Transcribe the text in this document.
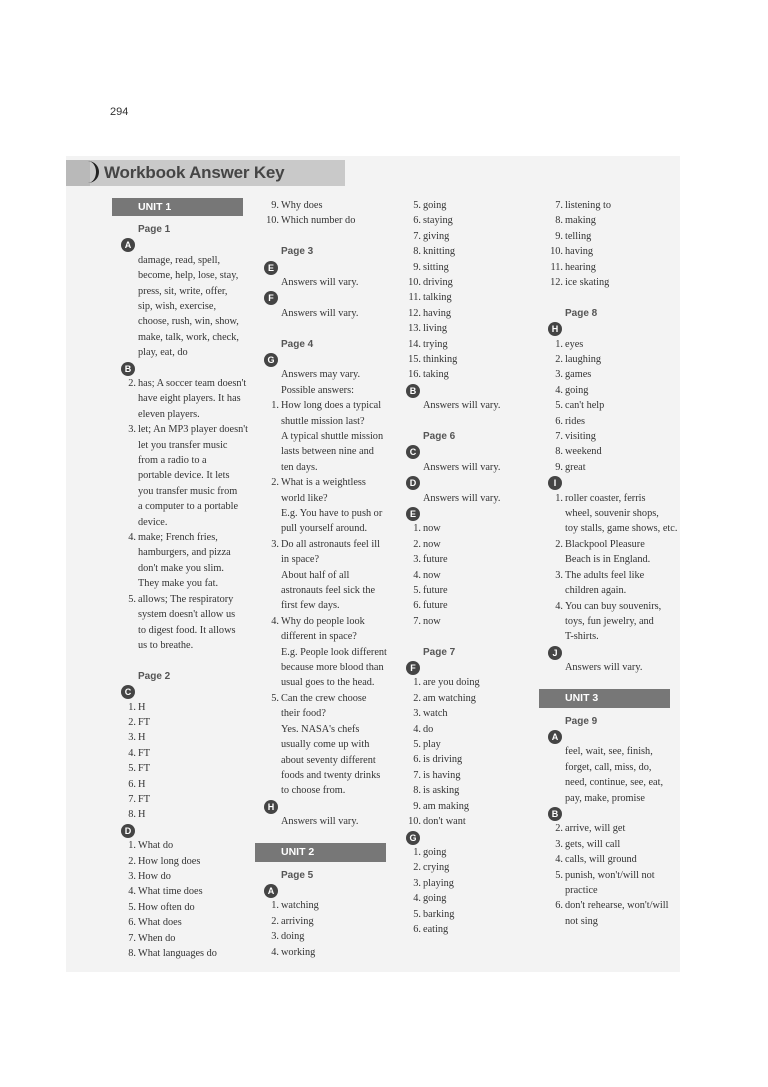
294
Workbook Answer Key
UNIT 1
Page 1
A
damage, read, spell,
become, help, lose, stay,
press, sit, write, offer,
sip, wish, exercise,
choose, rush, win, show,
make, talk, work, check,
play, eat, do
B
2. has; A soccer team doesn't
have eight players. It has
eleven players.
3. let; An MP3 player doesn't
let you transfer music
from a radio to a
portable device. It lets
you transfer music from
a computer to a portable
device.
4. make; French fries,
hamburgers, and pizza
don't make you slim.
They make you fat.
5. allows; The respiratory
system doesn't allow us
to digest food. It allows
us to breathe.
Page 2
C
1. H
2. FT
3. H
4. FT
5. FT
6. H
7. FT
8. H
D
1. What do
2. How long does
3. How do
4. What time does
5. How often do
6. What does
7. When do
8. What languages do
9. Why does
10. Which number do
Page 3
E
Answers will vary.
F
Answers will vary.
Page 4
G
Answers may vary.
Possible answers:
1. How long does a typical
shuttle mission last?
A typical shuttle mission
lasts between nine and
ten days.
2. What is a weightless
world like?
E.g. You have to push or
pull yourself around.
3. Do all astronauts feel ill
in space?
About half of all
astronauts feel sick the
first few days.
4. Why do people look
different in space?
E.g. People look different
because more blood than
usual goes to the head.
5. Can the crew choose
their food?
Yes. NASA's chefs
usually come up with
about seventy different
foods and twenty drinks
to choose from.
H
Answers will vary.
UNIT 2
Page 5
A
1. watching
2. arriving
3. doing
4. working
5. going
6. staying
7. giving
8. knitting
9. sitting
10. driving
11. talking
12. having
13. living
14. trying
15. thinking
16. taking
B
Answers will vary.
Page 6
C
Answers will vary.
D
Answers will vary.
E
1. now
2. now
3. future
4. now
5. future
6. future
7. now
Page 7
F
1. are you doing
2. am watching
3. watch
4. do
5. play
6. is driving
7. is having
8. is asking
9. am making
10. don't want
G
1. going
2. crying
3. playing
4. going
5. barking
6. eating
7. listening to
8. making
9. telling
10. having
11. hearing
12. ice skating
Page 8
H
1. eyes
2. laughing
3. games
4. going
5. can't help
6. rides
7. visiting
8. weekend
9. great
I
1. roller coaster, ferris
wheel, souvenir shops,
toy stalls, game shows, etc.
2. Blackpool Pleasure
Beach is in England.
3. The adults feel like
children again.
4. You can buy souvenirs,
toys, fun jewelry, and
T-shirts.
J
Answers will vary.
UNIT 3
Page 9
A
feel, wait, see, finish,
forget, call, miss, do,
need, continue, see, eat,
pay, make, promise
B
2. arrive, will get
3. gets, will call
4. calls, will ground
5. punish, won't/will not
practice
6. don't rehearse, won't/will
not sing
